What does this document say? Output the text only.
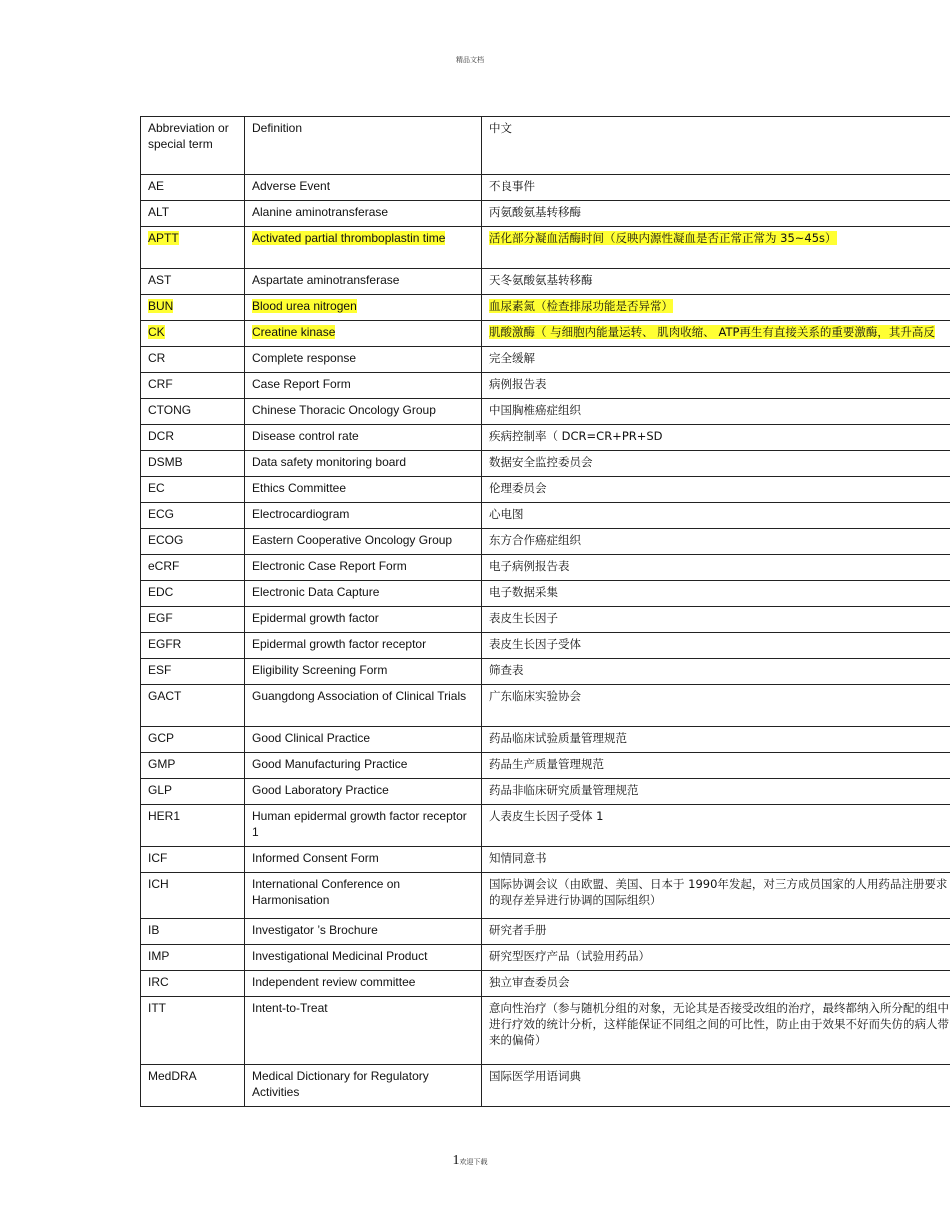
精品文档
Abbreviation or special term	Definition	中文

AE	Adverse Event	不良事件

ALT	Alanine aminotransferase	丙氨酸氨基转移酶

APTT	Activated partial thromboplastin time	活化部分凝血活酶时间（反映内源性凝血是否正常正常为 35~45s）

AST	Aspartate aminotransferase	天冬氨酸氨基转移酶

BUN	Blood urea nitrogen	血尿素氮（检查排尿功能是否异常）

CK	Creatine kinase	肌酸激酶（ 与细胞内能量运转、 肌肉收缩、 ATP再生有直接关系的重要激酶，其升高反

CR	Complete response	完全缓解

CRF	Case Report Form	病例报告表

CTONG	Chinese Thoracic Oncology Group	中国胸椎癌症组织

DCR	Disease control rate	疾病控制率（ DCR=CR+PR+SD

DSMB	Data safety monitoring board	数据安全监控委员会

EC	Ethics Committee	伦理委员会

ECG	Electrocardiogram	心电图

ECOG	Eastern Cooperative Oncology Group	东方合作癌症组织

eCRF	Electronic Case Report Form	电子病例报告表

EDC	Electronic Data Capture	电子数据采集

EGF	Epidermal growth factor	表皮生长因子

EGFR	Epidermal growth factor receptor	表皮生长因子受体

ESF	Eligibility Screening Form	筛查表

GACT	Guangdong Association of Clinical Trials	广东临床实验协会

GCP	Good Clinical Practice	药品临床试验质量管理规范

GMP	Good Manufacturing Practice	药品生产质量管理规范

GLP	Good Laboratory Practice	药品非临床研究质量管理规范

HER1	Human epidermal growth factor receptor 1	人表皮生长因子受体 1

ICF	Informed Consent Form	知情同意书

ICH	International Conference on Harmonisation	国际协调会议（由欧盟、美国、日本于 1990年发起，对三方成员国家的人用药品注册要求的现存差异进行协调的国际组织）

IB	Investigator ’s Brochure	研究者手册

IMP	Investigational Medicinal Product	研究型医疗产品（试验用药品）

IRC	Independent review committee	独立审查委员会

ITT	Intent-to-Treat	意向性治疗（参与随机分组的对象，无论其是否接受改组的治疗，最终都纳入所分配的组中进行疗效的统计分析，这样能保证不同组之间的可比性，防止由于效果不好而失仿的病人带来的偏倚）

MedDRA	Medical Dictionary for Regulatory Activities	国际医学用语词典
1欢迎下载
